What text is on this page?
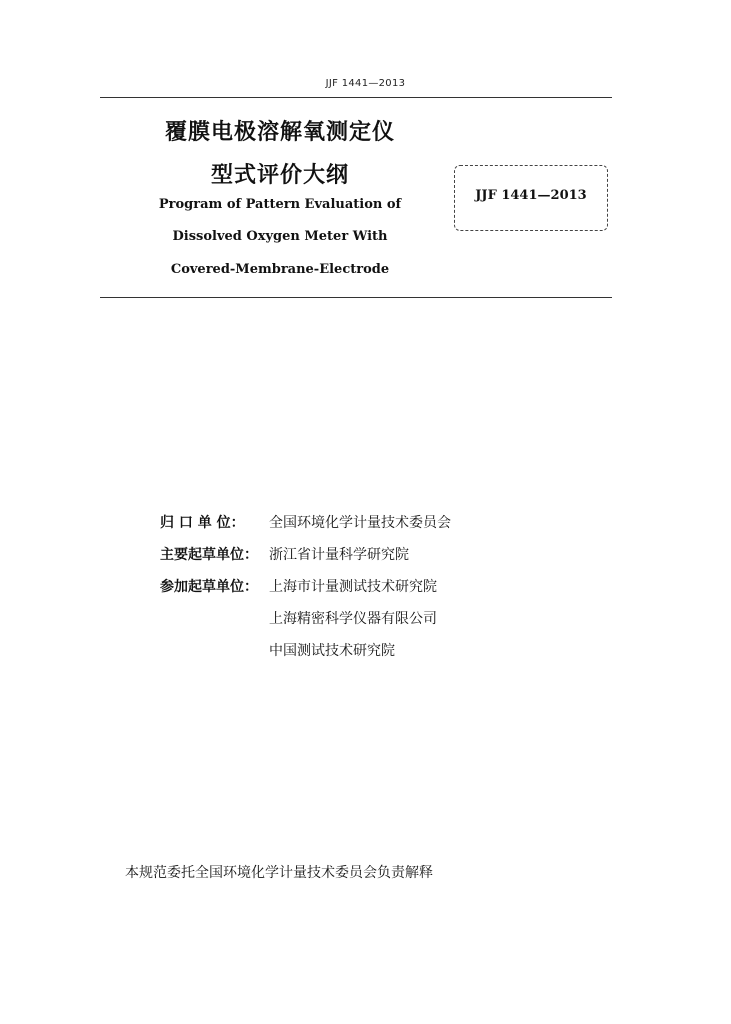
JJF 1441—2013
覆膜电极溶解氧测定仪
型式评价大纲
Program of Pattern Evaluation of
Dissolved Oxygen Meter With
Covered-Membrane-Electrode
JJF 1441—2013
归 口 单 位：	全国环境化学计量技术委员会
主要起草单位： 浙江省计量科学研究院
参加起草单位： 上海市计量测试技术研究院
上海精密科学仪器有限公司
中国测试技术研究院
本规范委托全国环境化学计量技术委员会负责解释
